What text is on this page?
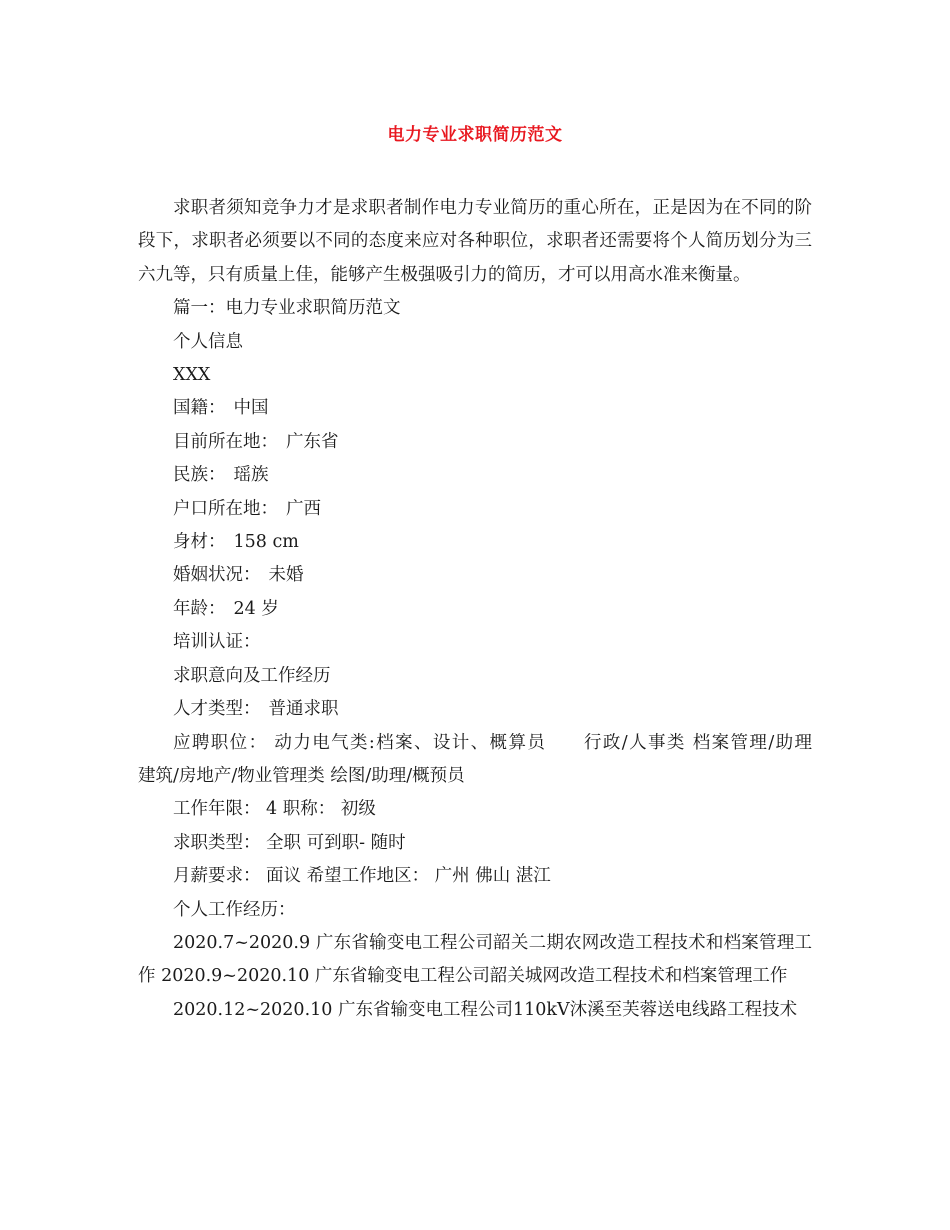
电力专业求职简历范文

求职者须知竞争力才是求职者制作电力专业简历的重心所在，正是因为在不同的阶段下，求职者必须要以不同的态度来应对各种职位，求职者还需要将个人简历划分为三六九等，只有质量上佳，能够产生极强吸引力的简历，才可以用高水准来衡量。

篇一：电力专业求职简历范文

个人信息

XXX

国籍： 中国

目前所在地： 广东省

民族： 瑶族

户口所在地： 广西

身材： 158 cm

婚姻状况： 未婚

年龄： 24 岁

培训认证：

求职意向及工作经历

人才类型： 普通求职

应聘职位： 动力电气类:档案、设计、概算员　　行政/人事类 档案管理/助理　　建筑/房地产/物业管理类 绘图/助理/概预员

工作年限： 4 职称： 初级

求职类型： 全职 可到职- 随时

月薪要求： 面议 希望工作地区： 广州 佛山 湛江

个人工作经历：

2020.7~2020.9 广东省输变电工程公司韶关二期农网改造工程技术和档案管理工作 2020.9~2020.10 广东省输变电工程公司韶关城网改造工程技术和档案管理工作

2020.12~2020.10 广东省输变电工程公司110kV沐溪至芙蓉送电线路工程技术
